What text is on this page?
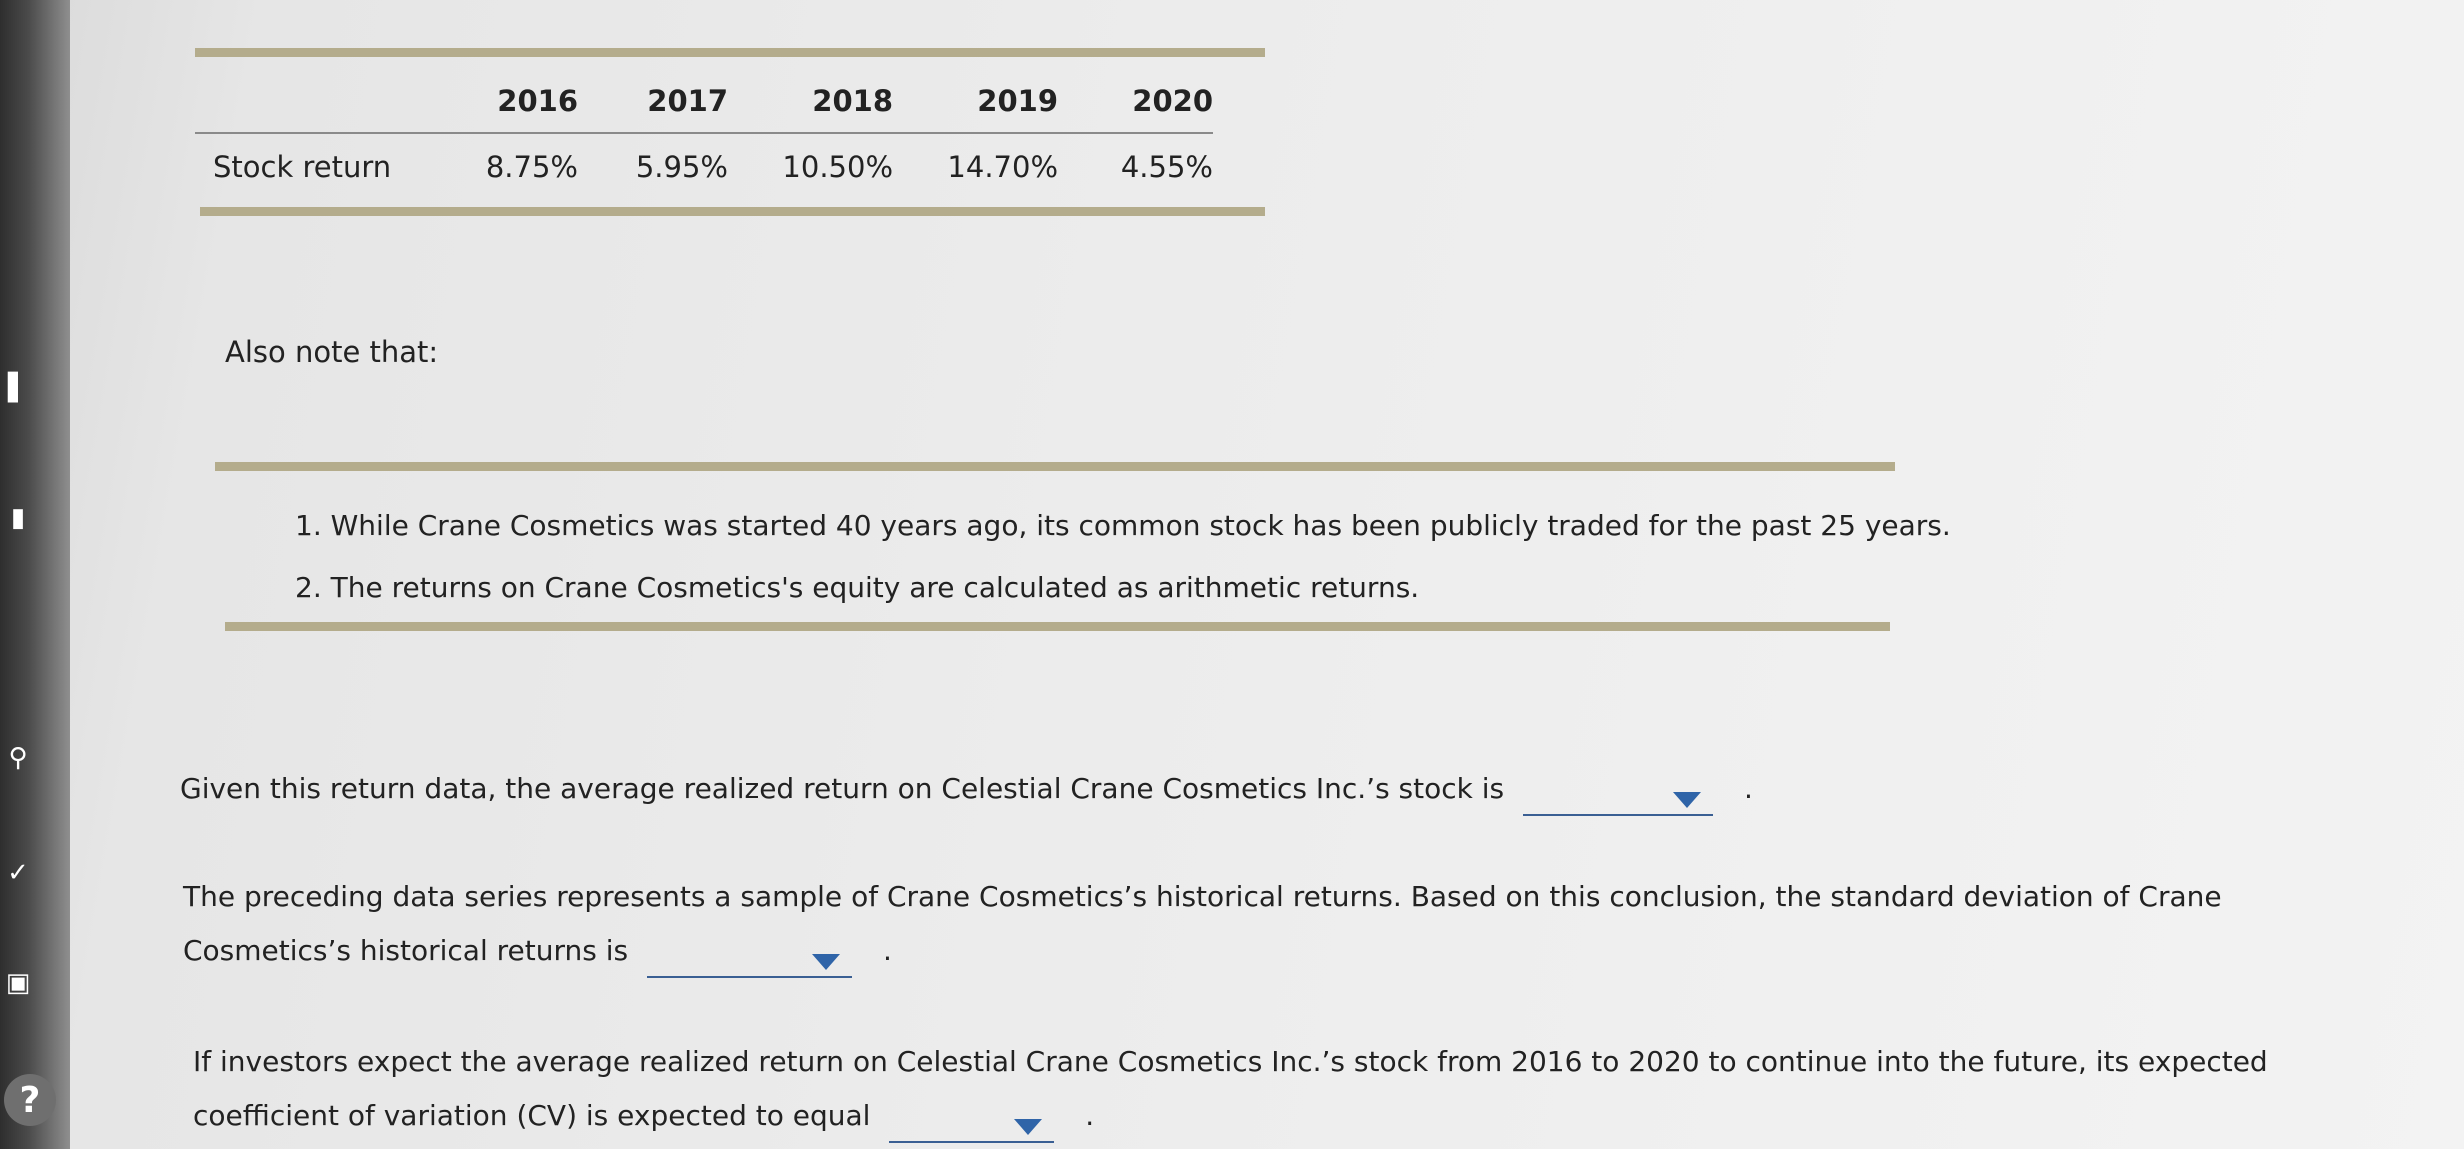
▌
▮
⚲
✓
▣
?
	2016	2017	2018	2019	2020
Stock return	8.75%	5.95%	10.50%	14.70%	4.55%
Also note that:
1. While Crane Cosmetics was started 40 years ago, its common stock has been publicly traded for the past 25 years.
2. The returns on Crane Cosmetics's equity are calculated as arithmetic returns.
Given this return data, the average realized return on Celestial Crane Cosmetics Inc.’s stock is	.
The preceding data series represents a sample of Crane Cosmetics’s historical returns. Based on this conclusion, the standard deviation of Crane
Cosmetics’s historical returns is	.
If investors expect the average realized return on Celestial Crane Cosmetics Inc.’s stock from 2016 to 2020 to continue into the future, its expected
coefficient of variation (CV) is expected to equal	.
